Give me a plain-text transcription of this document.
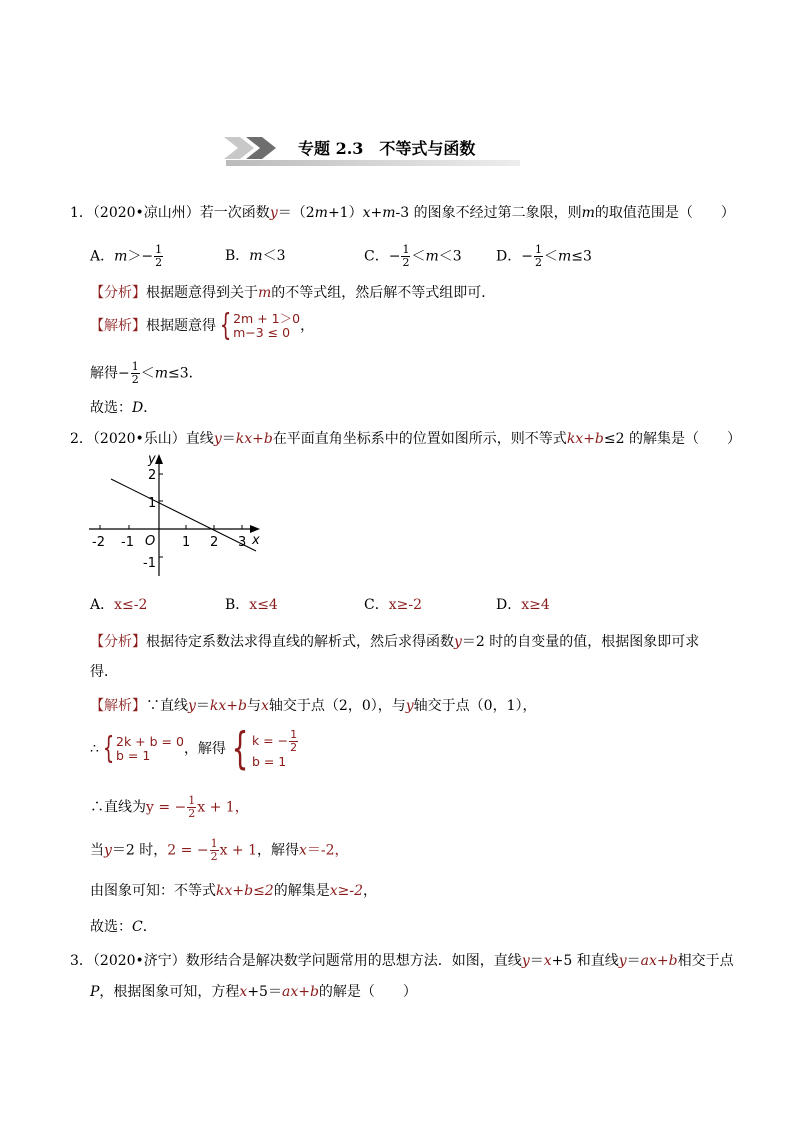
专题 2.3　不等式与函数
1．（2020•凉山州）若一次函数y＝（2m+1）x+m-3 的图象不经过第二象限，则m的取值范围是（　　）
A．$m>- \frac{1}{2}$	B．m＜3	C．− $\frac{1}{2} <m<3$ D．− $\frac{1}{2} <m\le 3$
【分析】根据题意得到关于m的不等式组，然后解不等式组即可．
【解析】根据题意得 { 2m + 1＞0
m−3 ≤ 0 ，
解得− $\frac{1}{2} <m\le 3$．
故选：D．
2．（2020•乐山）直线y＝kx+b在平面直角坐标系中的位置如图所示，则不等式kx+b≤2 的解集是（　　）
y
x
2
1
-1
-2 -1 O 1 2 3
A．x≤-2	B．x≤4	C．x≥-2	D．x≥4
【分析】根据待定系数法求得直线的解析式，然后求得函数y＝2 时的自变量的值，根据图象即可求
得．
【解析】∵直线y＝kx+b与x轴交于点（2，0），与y轴交于点（0，1），
∴ { 2k + b = 0
b = 1	，解得 { k = − $\frac{1}{2}$
b = 1
∴直线为y = − $\frac{1}{2}$ x + 1，
当y＝2 时，2 = − $\frac{1}{2}$ x + 1，解得x＝-2，
由图象可知：不等式kx+b≤2的解集是x≥-2，
故选：C．
3．（2020•济宁）数形结合是解决数学问题常用的思想方法．如图，直线y＝x+5 和直线y＝ax+b相交于点
P，根据图象可知，方程x+5＝ax+b的解是（　　）
